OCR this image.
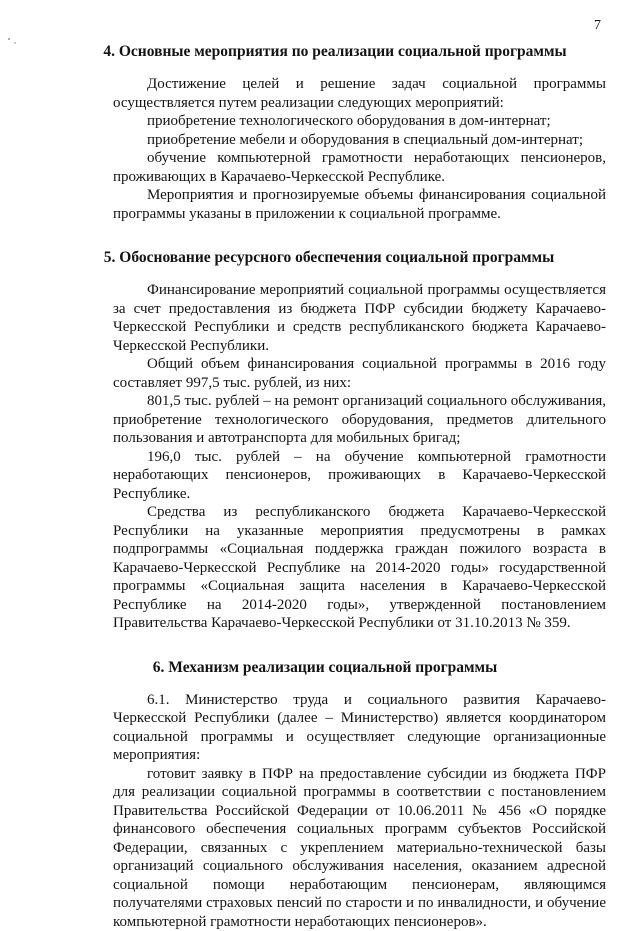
7
4. Основные мероприятия по реализации социальной программы

Достижение целей и решение задач социальной программы осуществляется путем реализации следующих мероприятий:

приобретение технологического оборудования в дом-интернат;

приобретение мебели и оборудования в специальный дом-интернат;

обучение компьютерной грамотности неработающих пенсионеров, проживающих в Карачаево-Черкесской Республике.

Мероприятия и прогнозируемые объемы финансирования социальной программы указаны в приложении к социальной программе.

5. Обоснование ресурсного обеспечения социальной программы

Финансирование мероприятий социальной программы осуществляется за счет предоставления из бюджета ПФР субсидии бюджету Карачаево-Черкесской Республики и средств республиканского бюджета Карачаево-Черкесской Республики.

Общий объем финансирования социальной программы в 2016 году составляет 997,5 тыс. рублей, из них:

801,5 тыс. рублей – на ремонт организаций социального обслуживания, приобретение технологического оборудования, предметов длительного пользования и автотранспорта для мобильных бригад;

196,0 тыс. рублей – на обучение компьютерной грамотности неработающих пенсионеров, проживающих в Карачаево-Черкесской Республике.

Средства из республиканского бюджета Карачаево-Черкесской Республики на указанные мероприятия предусмотрены в рамках подпрограммы «Социальная поддержка граждан пожилого возраста в Карачаево-Черкесской Республике на 2014-2020 годы» государственной программы «Социальная защита населения в Карачаево-Черкесской Республике на 2014-2020 годы», утвержденной постановлением Правительства Карачаево-Черкесской Республики от 31.10.2013 № 359.

6. Механизм реализации социальной программы

6.1. Министерство труда и социального развития Карачаево-Черкесской Республики (далее – Министерство) является координатором социальной программы и осуществляет следующие организационные мероприятия:

готовит заявку в ПФР на предоставление субсидии из бюджета ПФР для реализации социальной программы в соответствии с постановлением Правительства Российской Федерации от 10.06.2011 № 456 «О порядке финансового обеспечения социальных программ субъектов Российской Федерации, связанных с укреплением материально-технической базы организаций социального обслуживания населения, оказанием адресной социальной помощи неработающим пенсионерам, являющимся получателями страховых пенсий по старости и по инвалидности, и обучение компьютерной грамотности неработающих пенсионеров».
